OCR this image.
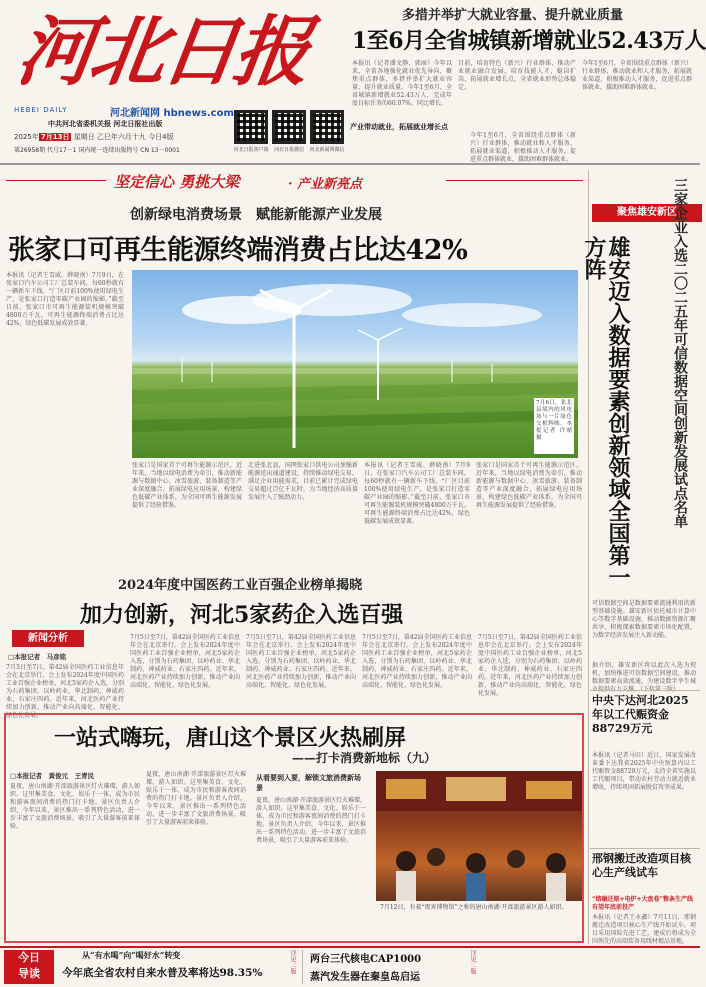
河北日报
HEBEI DAILY	河北新闻网 hbnews.com
中共河北省委机关报 河北日报社出版
2025年 7月13日 星期日 乙巳年六月十九 今日4版
第26958期 代号17－1 国内统一连续出版物号 CN 13－0001	河北日报客户端	河北日报微信	河北新闻网微信
多措并举扩大就业容量、提升就业质量
1至6月全省城镇新增就业52.43万人
本报讯（记者潘文静、郭丽）今年以来，全省各地强化就业优先导向，聚焦重点群体，多措并举扩大就业容量、提升就业质量。今年1至6月，全省城镇新增就业52.43万人，完成年度目标任务的60.07%，同比增长。
产业带动就业，拓展就业增长点
目前，培育特色（新兴）行业群体，推动产业就业融合发展，培育技能人才，稳岗扩岗，拓展就业增长点，全省就业形势总体稳定。
今年1至6月，全省围绕重点群体（新兴）行业群体，推动就业和人才服务，拓展就业渠道，积极推动人才服务，促进重点群体就业，援助困难群体就业。
今年1至6月，全省围绕重点群体（新兴）行业群体，推动就业和人才服务，拓展就业渠道，积极推动人才服务，促进重点群体就业，援助困难群体就业。
坚定信心 勇挑大梁	· 产业新亮点
创新绿电消费场景　赋能新能源产业发展
张家口可再生能源终端消费占比达42%
本报讯（记者王雪威、薛晓南）7月9日，在张家口汽车公司工厂总装车间，每60秒就有一辆新车下线。“厂区目前100%使用绿电生产，是张家口打造零碳产业园的缩影。”截至目前，张家口市可再生能源装机规模突破4800万千瓦，可再生能源终端消费占比达42%，绿色低碳发展成效显著。
7月6日，张北县境内的风电场与一片绿色交相辉映。本报记者 许晴 摄
张家口是国家首个可再生能源示范区，近年来，当地以绿电消费为牵引，推动新能源与数据中心、冰雪旅游、装备制造等产业深度融合，拓展绿电应用场景，构建绿色低碳产业体系，为全国可再生能源发展提供了经验借鉴。
走进张北县，国网张家口供电公司加强新能源送出通道建设，持续推动绿电交易，满足企业用能需求，目前已累计完成绿电交易超过百亿千瓦时，为当地经济高质量发展注入了强劲动力。
本报讯（记者王雪威、薛晓南）7月9日，在张家口汽车公司工厂总装车间，每60秒就有一辆新车下线。“厂区目前100%使用绿电生产，是张家口打造零碳产业园的缩影。”截至目前，张家口市可再生能源装机规模突破4800万千瓦，可再生能源终端消费占比达42%，绿色低碳发展成效显著。
张家口是国家首个可再生能源示范区，近年来，当地以绿电消费为牵引，推动新能源与数据中心、冰雪旅游、装备制造等产业深度融合，拓展绿电应用场景，构建绿色低碳产业体系，为全国可再生能源发展提供了经验借鉴。
2024年度中国医药工业百强企业榜单揭晓
加力创新，河北5家药企入选百强
新闻分析
□本报记者　马彦铭
7月5日至7日，第42届全国医药工业信息年会在北京举行。会上发布2024年度中国医药工业百强企业榜单，河北5家药企入选，分别为石药集团、以岭药业、华北制药、神威药业、石家庄四药。近年来，河北医药产业持续加力创新，推动产业向高端化、智能化、绿色化发展。
7月5日至7日，第42届全国医药工业信息年会在北京举行。会上发布2024年度中国医药工业百强企业榜单，河北5家药企入选，分别为石药集团、以岭药业、华北制药、神威药业、石家庄四药。近年来，河北医药产业持续加力创新，推动产业向高端化、智能化、绿色化发展。
7月5日至7日，第42届全国医药工业信息年会在北京举行。会上发布2024年度中国医药工业百强企业榜单，河北5家药企入选，分别为石药集团、以岭药业、华北制药、神威药业、石家庄四药。近年来，河北医药产业持续加力创新，推动产业向高端化、智能化、绿色化发展。
7月5日至7日，第42届全国医药工业信息年会在北京举行。会上发布2024年度中国医药工业百强企业榜单，河北5家药企入选，分别为石药集团、以岭药业、华北制药、神威药业、石家庄四药。近年来，河北医药产业持续加力创新，推动产业向高端化、智能化、绿色化发展。
7月5日至7日，第42届全国医药工业信息年会在北京举行。会上发布2024年度中国医药工业百强企业榜单，河北5家药企入选，分别为石药集团、以岭药业、华北制药、神威药业、石家庄四药。近年来，河北医药产业持续加力创新，推动产业向高端化、智能化、绿色化发展。
一站式嗨玩，唐山这个景区火热刷屏
——打卡消费新地标（九）
□本报记者　黄俊元　王青民
夏夜，唐山南湖·开滦旅游景区灯火璀璨，游人如织。这里集美食、文化、娱乐于一体，成为市民和游客夜间消费的热门打卡地。景区负责人介绍，今年以来，景区推出一系列特色活动，进一步丰富了文旅消费场景，吸引了大量游客前来体验。
夏夜，唐山南湖·开滦旅游景区灯火璀璨，游人如织。这里集美食、文化、娱乐于一体，成为市民和游客夜间消费的热门打卡地。景区负责人介绍，今年以来，景区推出一系列特色活动，进一步丰富了文旅消费场景，吸引了大量游客前来体验。
从看要到入要，解锁文旅消费新场景
夏夜，唐山南湖·开滦旅游景区灯火璀璨，游人如织。这里集美食、文化、娱乐于一体，成为市民和游客夜间消费的热门打卡地。景区负责人介绍，今年以来，景区推出一系列特色活动，进一步丰富了文旅消费场景，吸引了大量游客前来体验。
7月12日，有着“夜宵博物馆”之称的唐山南湖·开滦旅游景区游人如织。
聚焦雄安新区
雄安迈入数据要素创新领域全国第一方阵	三家企业入选二〇二五年可信数据空间创新发展试点名单
可信数据空间是数据要素流通利用的新型基础设施。雄安新区依托城市计算中心等数字基础设施，推动数据资源汇聚共享，积极探索数据要素市场化配置，为数字经济发展注入新动能。
据介绍，雄安新区将以此次入选为契机，加快推进可信数据空间建设，推动数据要素高效流通，为建设数字孪生城
中央下达河北2025年以工代赈资金88729万元
本报讯（记者马田）近日，国家发展改革委下达我省2025年中央预算内以工代赈资金88729万元，支持全省实施以工代赈项目，带动农村劳动力就近就业增收，持续巩固拓展脱贫攻坚成果。
邢钢搬迁改造项目核心生产线试车
“熔融还原+电炉+大盘卷”整条生产线有望年底前投产
本报讯（记者王永鑫）7月11日，邢钢搬迁改造项目核心生产线开始试车。项目采用国际先进工艺，建成后将成为全国领先的高端装备用线材精品基地。
今日
导读
从“有水喝”向“喝好水”转变
今年底全省农村自来水普及率将达98.35%	详见二版 两台三代核电CAP1000
蒸汽发生器在秦皇岛启运
详见二版
